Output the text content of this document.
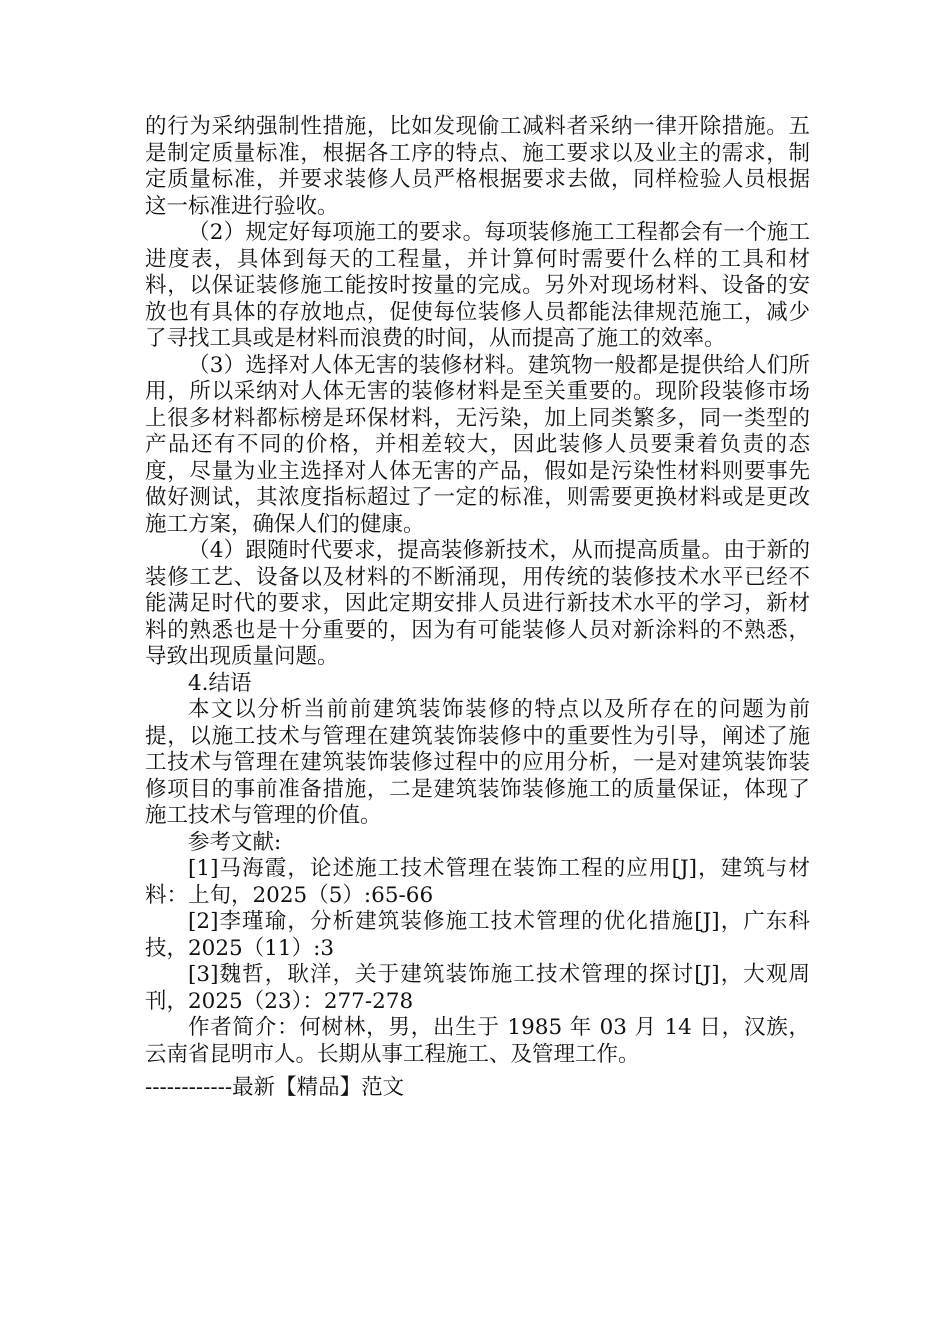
的行为采纳强制性措施，比如发现偷工减料者采纳一律开除措施。五是制定质量标准，根据各工序的特点、施工要求以及业主的需求，制定质量标准，并要求装修人员严格根据要求去做，同样检验人员根据这一标准进行验收。

（2）规定好每项施工的要求。每项装修施工工程都会有一个施工进度表，具体到每天的工程量，并计算何时需要什么样的工具和材料，以保证装修施工能按时按量的完成。另外对现场材料、设备的安放也有具体的存放地点，促使每位装修人员都能法律规范施工，减少了寻找工具或是材料而浪费的时间，从而提高了施工的效率。

（3）选择对人体无害的装修材料。建筑物一般都是提供给人们所用，所以采纳对人体无害的装修材料是至关重要的。现阶段装修市场上很多材料都标榜是环保材料，无污染，加上同类繁多，同一类型的产品还有不同的价格，并相差较大，因此装修人员要秉着负责的态度，尽量为业主选择对人体无害的产品，假如是污染性材料则要事先做好测试，其浓度指标超过了一定的标准，则需要更换材料或是更改施工方案，确保人们的健康。

（4）跟随时代要求，提高装修新技术，从而提高质量。由于新的装修工艺、设备以及材料的不断涌现，用传统的装修技术水平已经不能满足时代的要求，因此定期安排人员进行新技术水平的学习，新材料的熟悉也是十分重要的，因为有可能装修人员对新涂料的不熟悉，导致出现质量问题。

4.结语

本文以分析当前前建筑装饰装修的特点以及所存在的问题为前提，以施工技术与管理在建筑装饰装修中的重要性为引导，阐述了施工技术与管理在建筑装饰装修过程中的应用分析，一是对建筑装饰装修项目的事前准备措施，二是建筑装饰装修施工的质量保证，体现了施工技术与管理的价值。

参考文献:

[1]马海霞，论述施工技术管理在装饰工程的应用[J]，建筑与材料：上旬，2025（5）:65-66

[2]李瑾瑜，分析建筑装修施工技术管理的优化措施[J]，广东科技，2025（11）:3

[3]魏哲，耿洋，关于建筑装饰施工技术管理的探讨[J]，大观周刊，2025（23）：277-278

作者简介：何树林，男，出生于 1985 年 03 月 14 日，汉族，云南省昆明市人。长期从事工程施工、及管理工作。

------------最新【精品】范文
